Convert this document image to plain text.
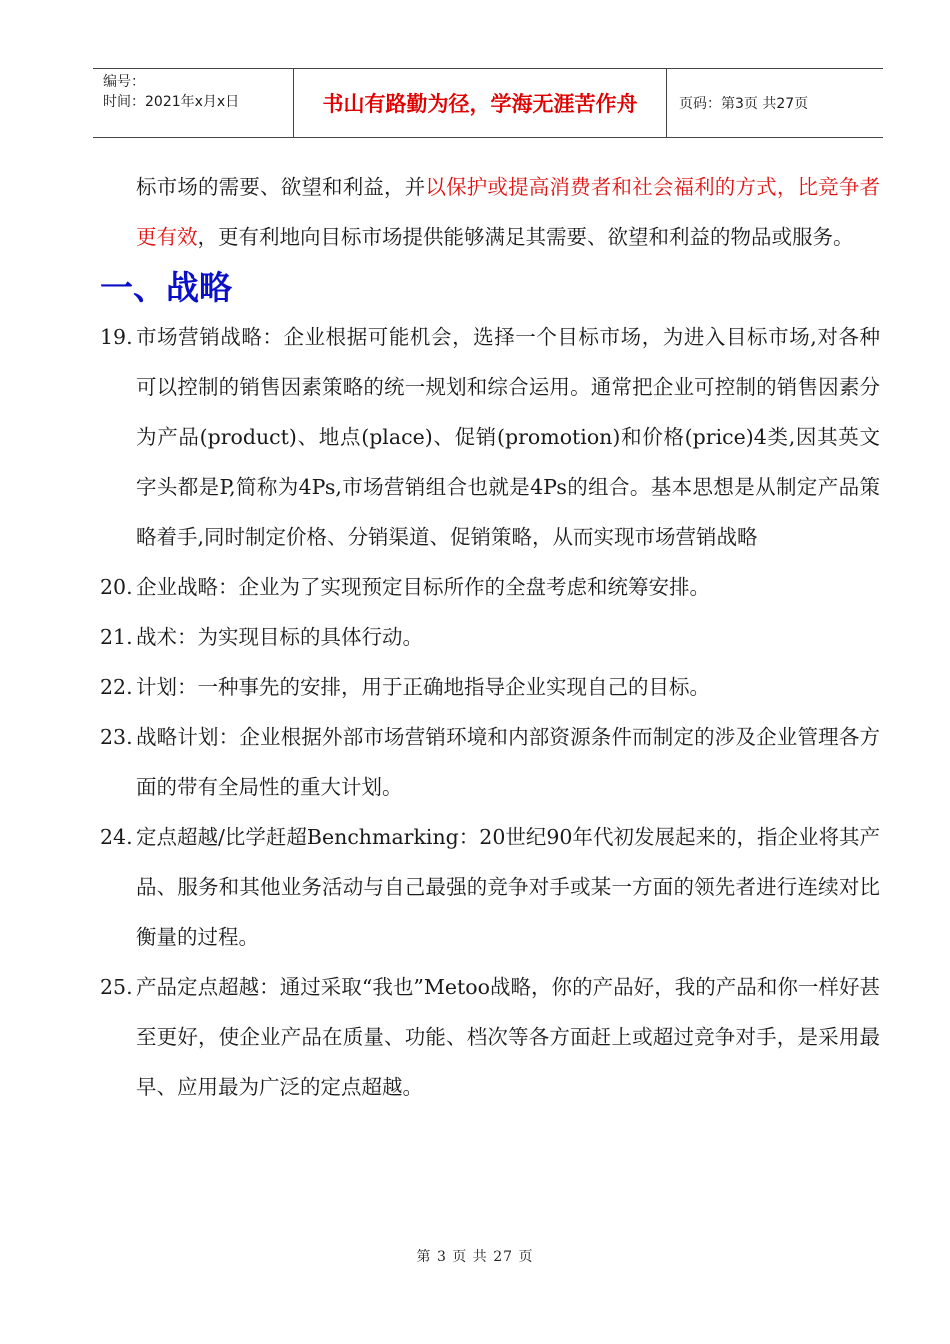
编号：
时间：2021年x月x日	书山有路勤为径，学海无涯苦作舟	页码：第3页 共27页

标市场的需要、欲望和利益，并以保护或提高消费者和社会福利的方式，比竞争者更有效，更有利地向目标市场提供能够满足其需要、欲望和利益的物品或服务。

一、战略

19. 市场营销战略：企业根据可能机会，选择一个目标市场，为进入目标市场,对各种可以控制的销售因素策略的统一规划和综合运用。通常把企业可控制的销售因素分为产品(product)、地点(place)、促销(promotion)和价格(price)4类,因其英文字头都是P,简称为4Ps,市场营销组合也就是4Ps的组合。基本思想是从制定产品策略着手,同时制定价格、分销渠道、促销策略，从而实现市场营销战略

20. 企业战略：企业为了实现预定目标所作的全盘考虑和统筹安排。

21. 战术：为实现目标的具体行动。

22. 计划：一种事先的安排，用于正确地指导企业实现自己的目标。

23. 战略计划：企业根据外部市场营销环境和内部资源条件而制定的涉及企业管理各方面的带有全局性的重大计划。

24. 定点超越/比学赶超Benchmarking：20世纪90年代初发展起来的，指企业将其产品、服务和其他业务活动与自己最强的竞争对手或某一方面的领先者进行连续对比衡量的过程。

25. 产品定点超越：通过采取“我也”Metoo战略，你的产品好，我的产品和你一样好甚至更好，使企业产品在质量、功能、档次等各方面赶上或超过竞争对手，是采用最早、应用最为广泛的定点超越。

第 3 页 共 27 页
